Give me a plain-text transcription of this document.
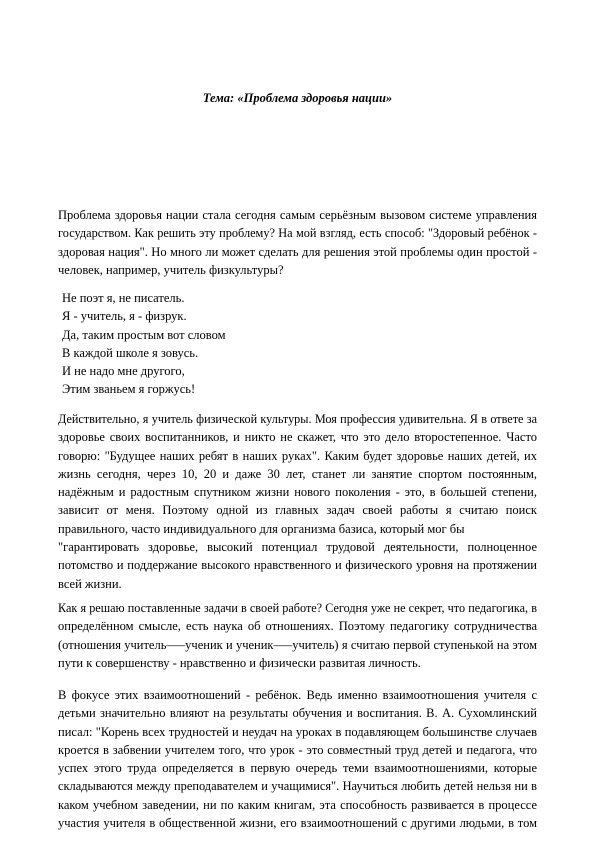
Тема: «Проблема здоровья нации»
Проблема здоровья нации стала сегодня самым серьёзным вызовом системе управления
государством. Как решить эту проблему? На мой взгляд, есть способ: "Здоровый ребёнок -
здоровая нация". Но много ли может сделать для решения этой проблемы один простой -
человек, например, учитель физкультуры?
Не поэт я, не писатель.
Я - учитель, я - физрук.
Да, таким простым вот словом
В каждой школе я зовусь.
И не надо мне другого,
Этим званьем я горжусь!
Действительно, я учитель физической культуры. Моя профессия удивительна. Я в ответе за
здоровье своих воспитанников, и никто не скажет, что это дело второстепенное. Часто
говорю: "Будущее наших ребят в наших руках". Каким будет здоровье наших детей, их
жизнь сегодня, через 10, 20 и даже 30 лет, станет ли занятие спортом постоянным,
надёжным и радостным спутником жизни нового поколения - это, в большей степени,
зависит от меня. Поэтому одной из главных задач своей работы я считаю поиск
правильного, часто индивидуального для организма базиса, который мог бы
"гарантировать здоровье, высокий потенциал трудовой деятельности, полноценное
потомство и поддержание высокого нравственного и физического уровня на протяжении
всей жизни.
Как я решаю поставленные задачи в своей работе? Сегодня уже не секрет, что педагогика, в
определённом смысле, есть наука об отношениях. Поэтому педагогику сотрудничества
(отношения учитель–––ученик и ученик–––учитель) я считаю первой ступенькой на этом
пути к совершенству - нравственно и физически развитая личность.
В фокусе этих взаимоотношений - ребёнок. Ведь именно взаимоотношения учителя с
детьми значительно влияют на результаты обучения и воспитания. В. А. Сухомлинский
писал: "Корень всех трудностей и неудач на уроках в подавляющем большинстве случаев
кроется в забвении учителем того, что урок - это совместный труд детей и педагога, что
успех этого труда определяется в первую очередь теми взаимоотношениями, которые
складываются между преподавателем и учащимися". Научиться любить детей нельзя ни в
каком учебном заведении, ни по каким книгам, эта способность развивается в процессе
участия учителя в общественной жизни, его взаимоотношений с другими людьми, в том
